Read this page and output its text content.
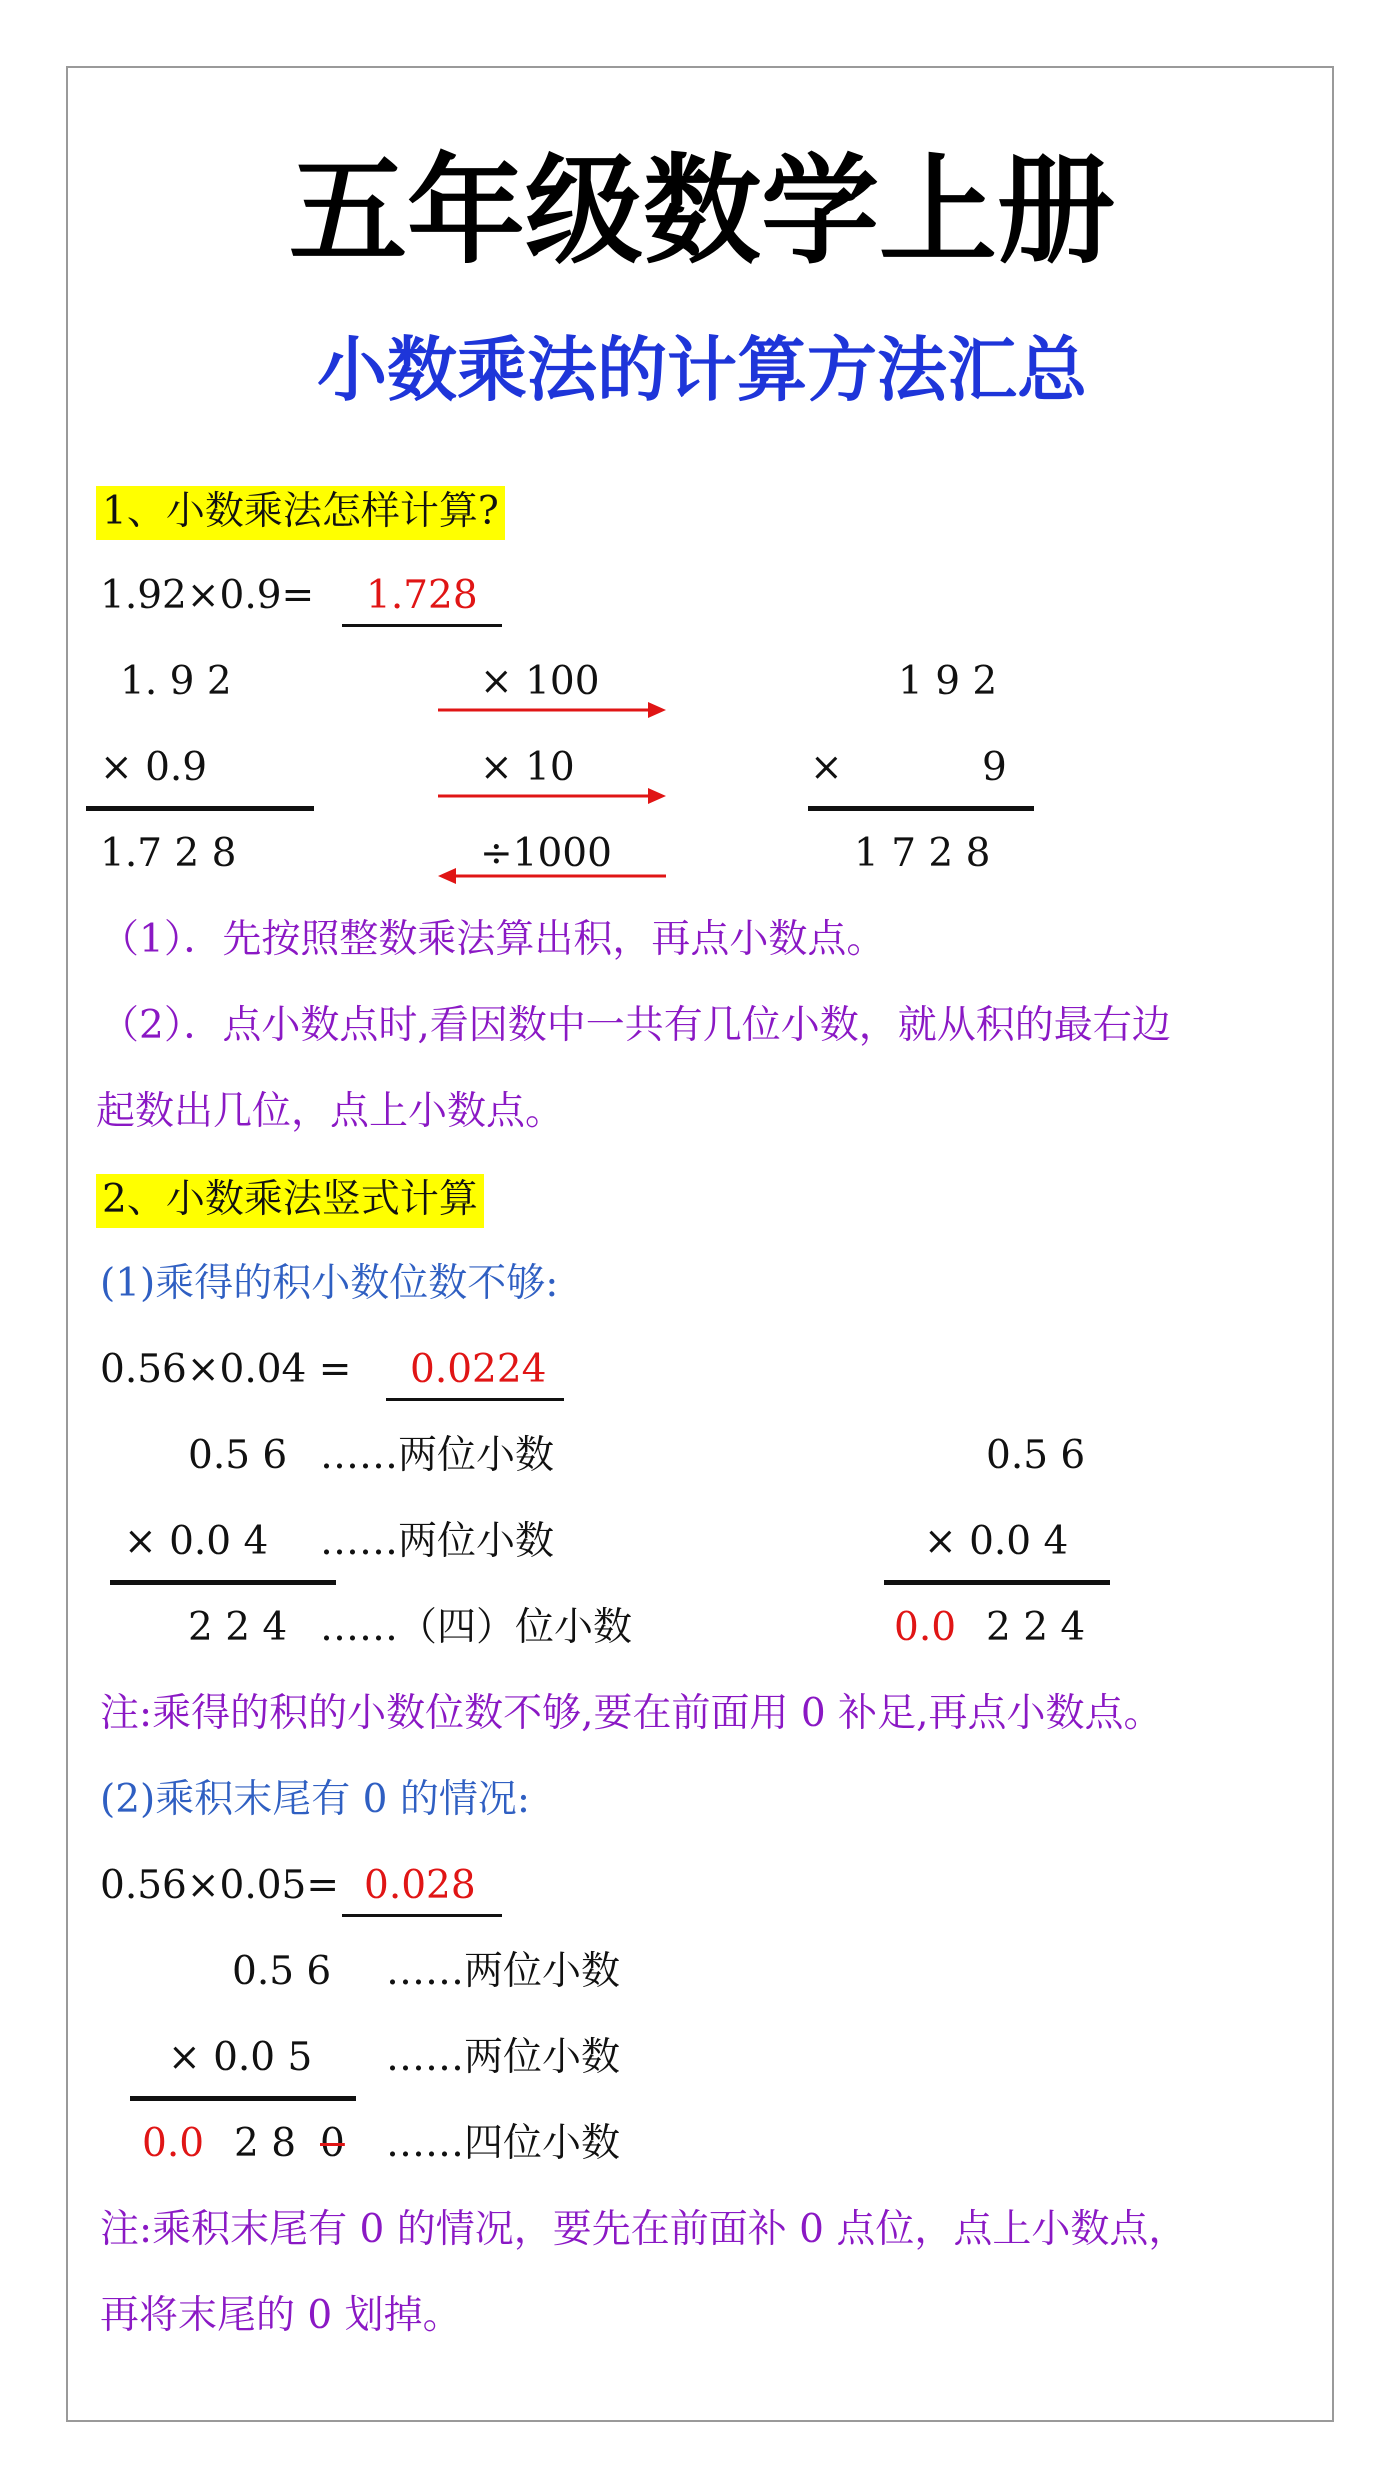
五年级数学上册
小数乘法的计算方法汇总
1、小数乘法怎样计算?
1.92×0.9= 1.728
1. 9 2
× 0.9
1.7 2 8
× 100
× 10
÷1000
1 9 2
×	9
1 7 2 8
（1）．先按照整数乘法算出积，再点小数点。
（2）．点小数点时,看因数中一共有几位小数，就从积的最右边
起数出几位，点上小数点。
2、小数乘法竖式计算
(1)乘得的积小数位数不够:
0.56×0.04 = 0.0224
0.5 6 ……两位小数
× 0.0 4 ……两位小数
2 2 4 ……（四）位小数
0.5 6
× 0.0 4
0.0 2 2 4
注:乘得的积的小数位数不够,要在前面用 0 补足,再点小数点。
(2)乘积末尾有 0 的情况:
0.56×0.05= 0.028
0.5 6 ……两位小数
× 0.0 5 ……两位小数
0.0 2 8 0 ……四位小数
注:乘积末尾有 0 的情况，要先在前面补 0 点位，点上小数点，
再将末尾的 0 划掉。
